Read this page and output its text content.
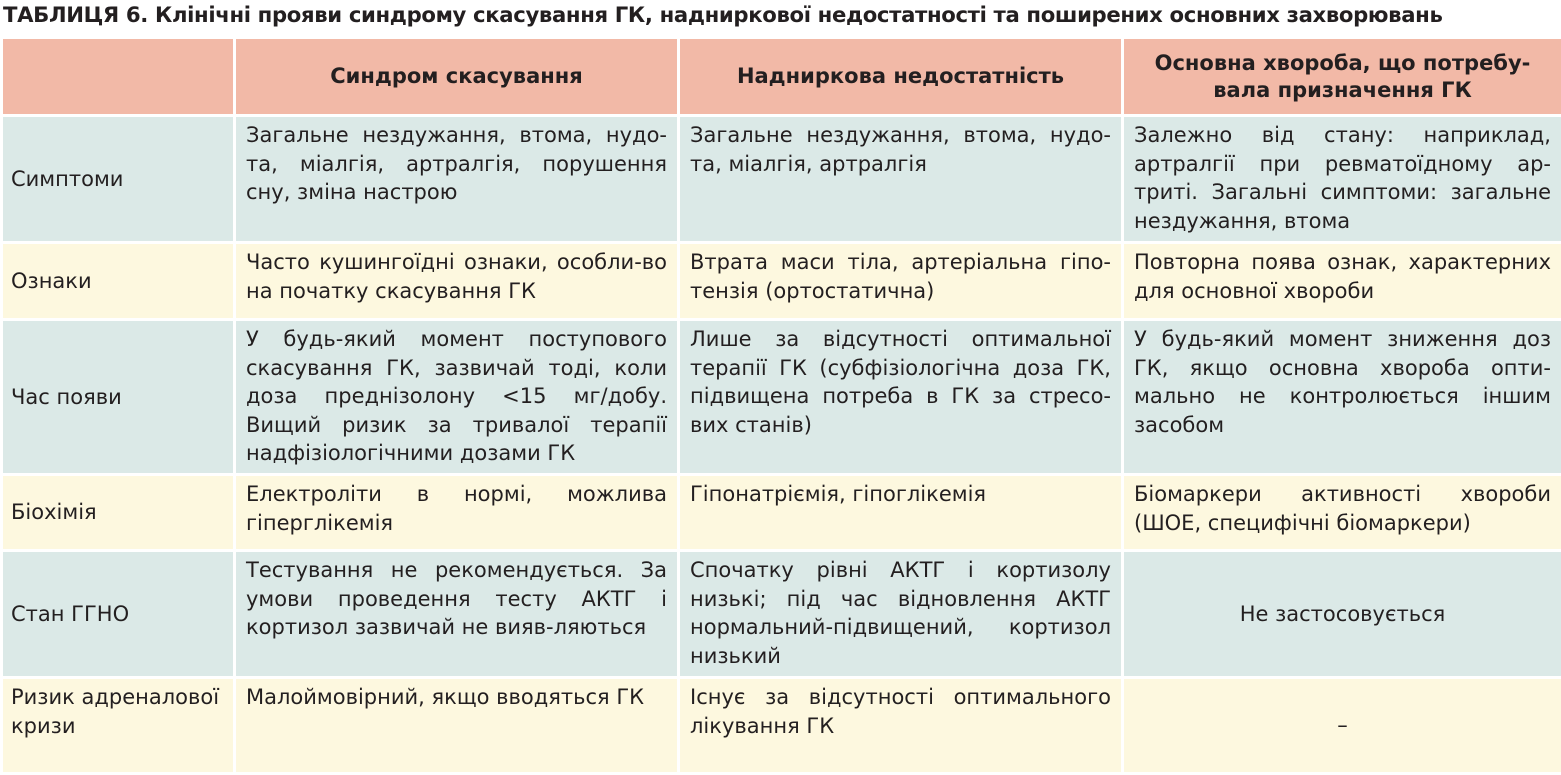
ТАБЛИЦЯ 6. Клінічні прояви синдрому скасування ГК, надниркової недостатності та поширених основних захворювань
	Синдром скасування	Надниркова недостатність	Основна хвороба, що потребу-вала призначення ГК
Симптоми	Загальне нездужання, втома, нудо-та, міалгія, артралгія, порушення сну, зміна настрою	Загальне нездужання, втома, нудо-та, міалгія, артралгія	Залежно від стану: наприклад, артралгії при ревматоїдному ар-триті. Загальні симптоми: загальне нездужання, втома
Ознаки	Часто кушингоїдні ознаки, особли-во на початку скасування ГК	Втрата маси тіла, артеріальна гіпо-тензія (ортостатична)	Повторна поява ознак, характерних для основної хвороби
Час появи	У будь-який момент поступового скасування ГК, зазвичай тоді, коли доза преднізолону <15 мг/добу. Вищий ризик за тривалої терапії надфізіологічними дозами ГК	Лише за відсутності оптимальної терапії ГК (субфізіологічна доза ГК, підвищена потреба в ГК за стресо-вих станів)	У будь-який момент зниження доз ГК, якщо основна хвороба опти-мально не контролюється іншим засобом
Біохімія	Електроліти в нормі, можлива гіперглікемія	Гіпонатріємія, гіпоглікемія	Біомаркери активності хвороби (ШОЕ, специфічні біомаркери)
Стан ГГНО	Тестування не рекомендується. За умови проведення тесту АКТГ і кортизол зазвичай не вияв-ляються	Спочатку рівні АКТГ і кортизолу низькі; під час відновлення АКТГ нормальний-підвищений, кортизол низький	Не застосовується
Ризик адреналової кризи	Малоймовірний, якщо вводяться ГК	Існує за відсутності оптимального лікування ГК	–
